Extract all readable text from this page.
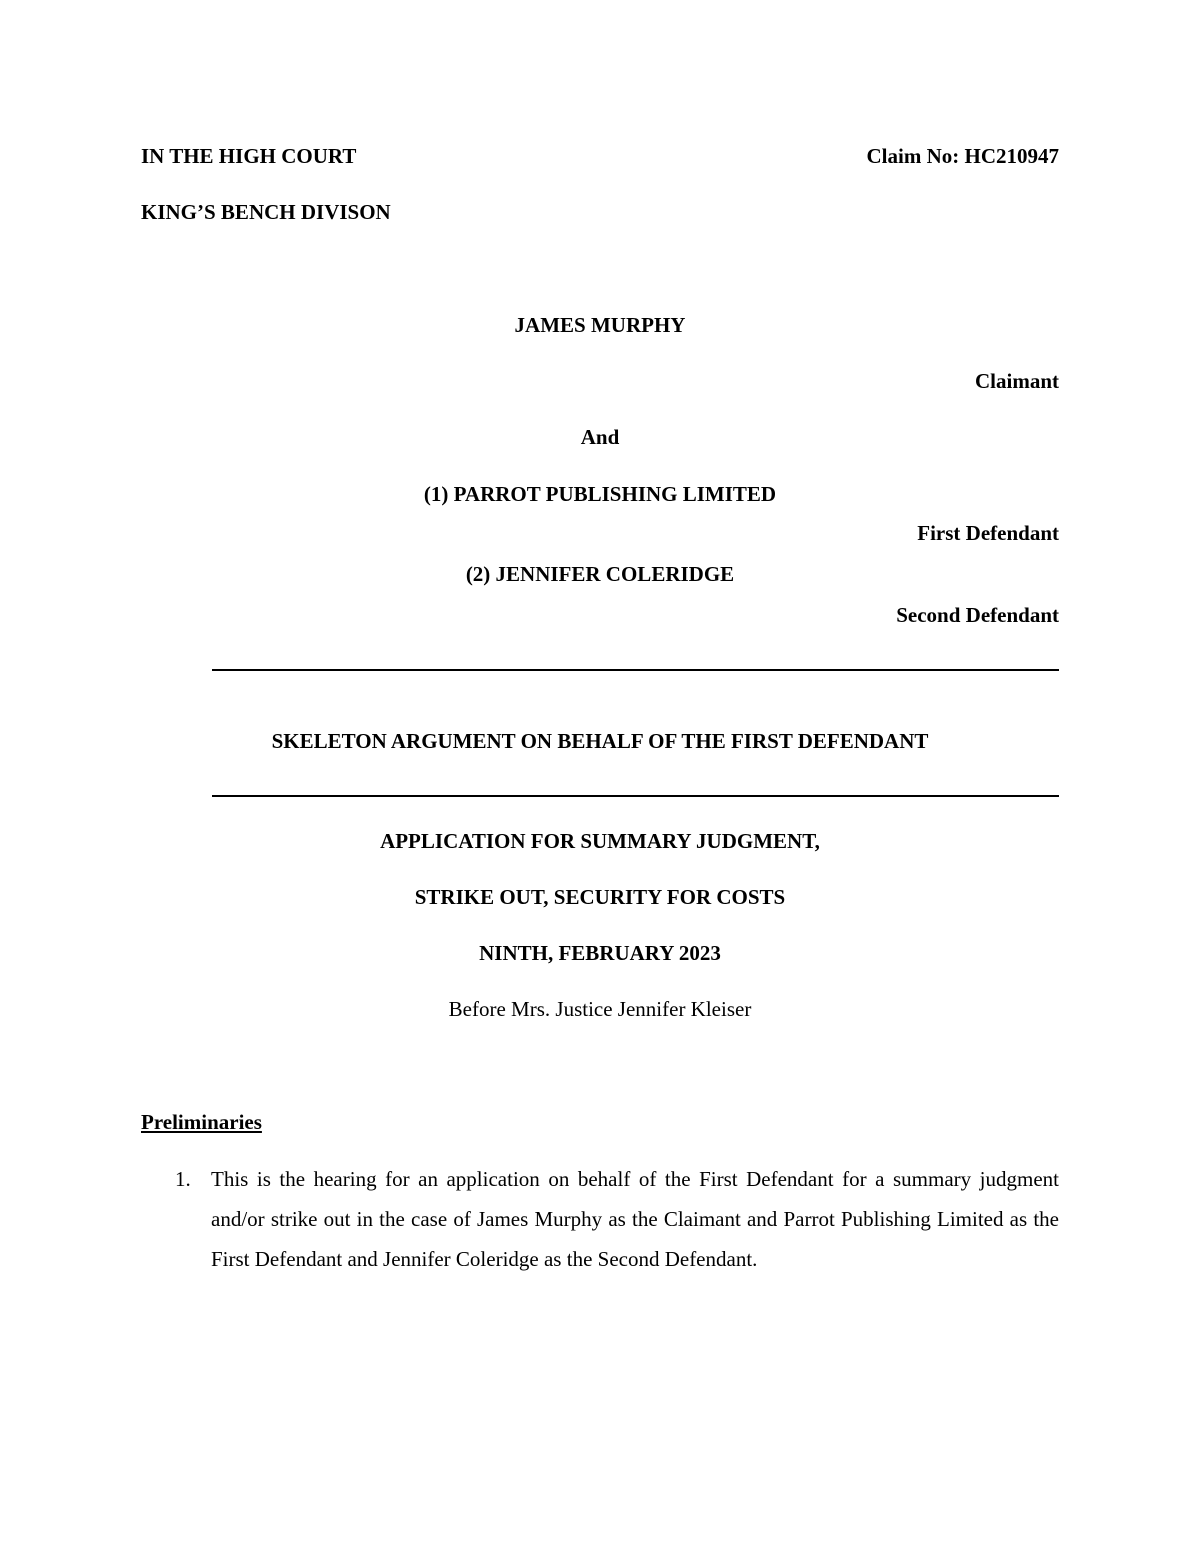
IN THE HIGH COURT	Claim No: HC210947
KING’S BENCH DIVISON
JAMES MURPHY
Claimant
And
(1) PARROT PUBLISHING LIMITED
First Defendant
(2) JENNIFER COLERIDGE
Second Defendant
SKELETON ARGUMENT ON BEHALF OF THE FIRST DEFENDANT
APPLICATION FOR SUMMARY JUDGMENT,
STRIKE OUT, SECURITY FOR COSTS
NINTH, FEBRUARY 2023
Before Mrs. Justice Jennifer Kleiser
Preliminaries
1. This is the hearing for an application on behalf of the First Defendant for a summary judgment and/or strike out in the case of James Murphy as the Claimant and Parrot Publishing Limited as the First Defendant and Jennifer Coleridge as the Second Defendant.
